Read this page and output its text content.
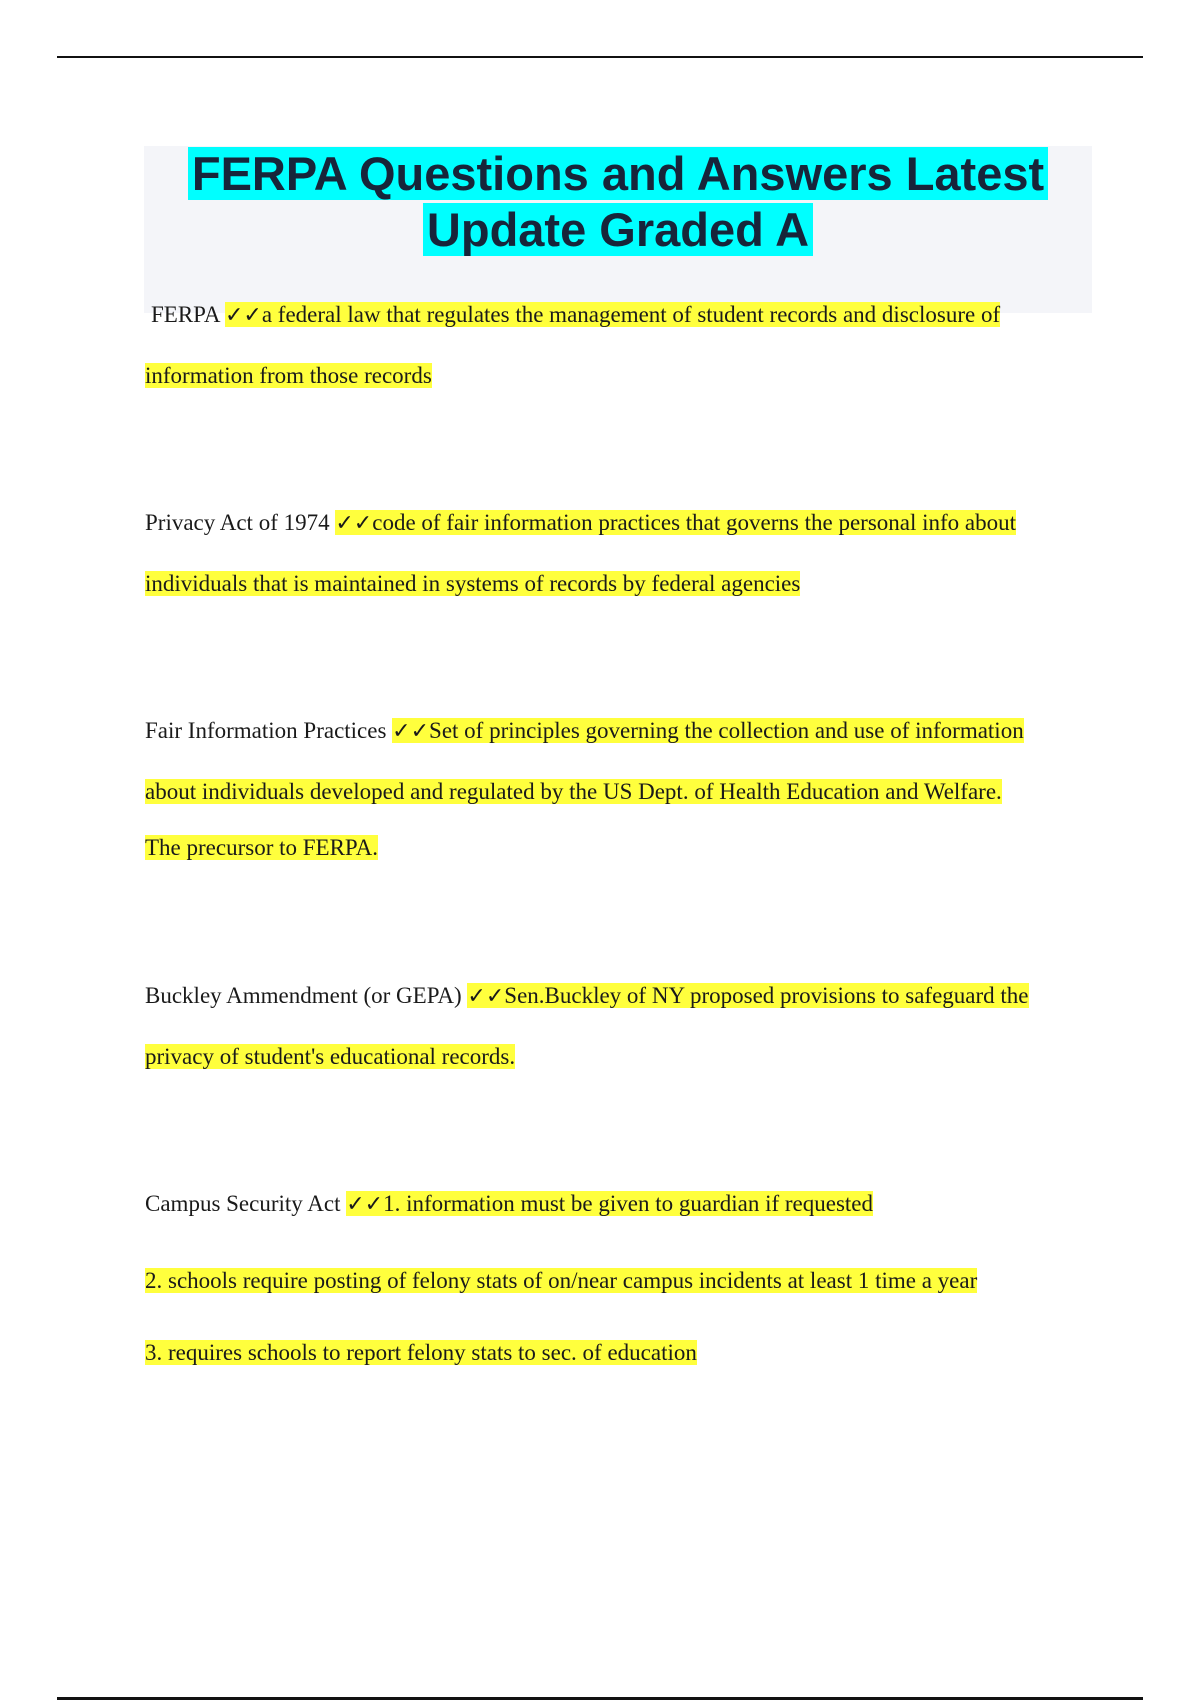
FERPA Questions and Answers Latest
Update Graded A
FERPA ✓✓a federal law that regulates the management of student records and disclosure of
information from those records
Privacy Act of 1974 ✓✓code of fair information practices that governs the personal info about
individuals that is maintained in systems of records by federal agencies
Fair Information Practices ✓✓Set of principles governing the collection and use of information
about individuals developed and regulated by the US Dept. of Health Education and Welfare.
The precursor to FERPA.
Buckley Ammendment (or GEPA) ✓✓Sen.Buckley of NY proposed provisions to safeguard the
privacy of student's educational records.
Campus Security Act ✓✓1. information must be given to guardian if requested
2. schools require posting of felony stats of on/near campus incidents at least 1 time a year
3. requires schools to report felony stats to sec. of education
